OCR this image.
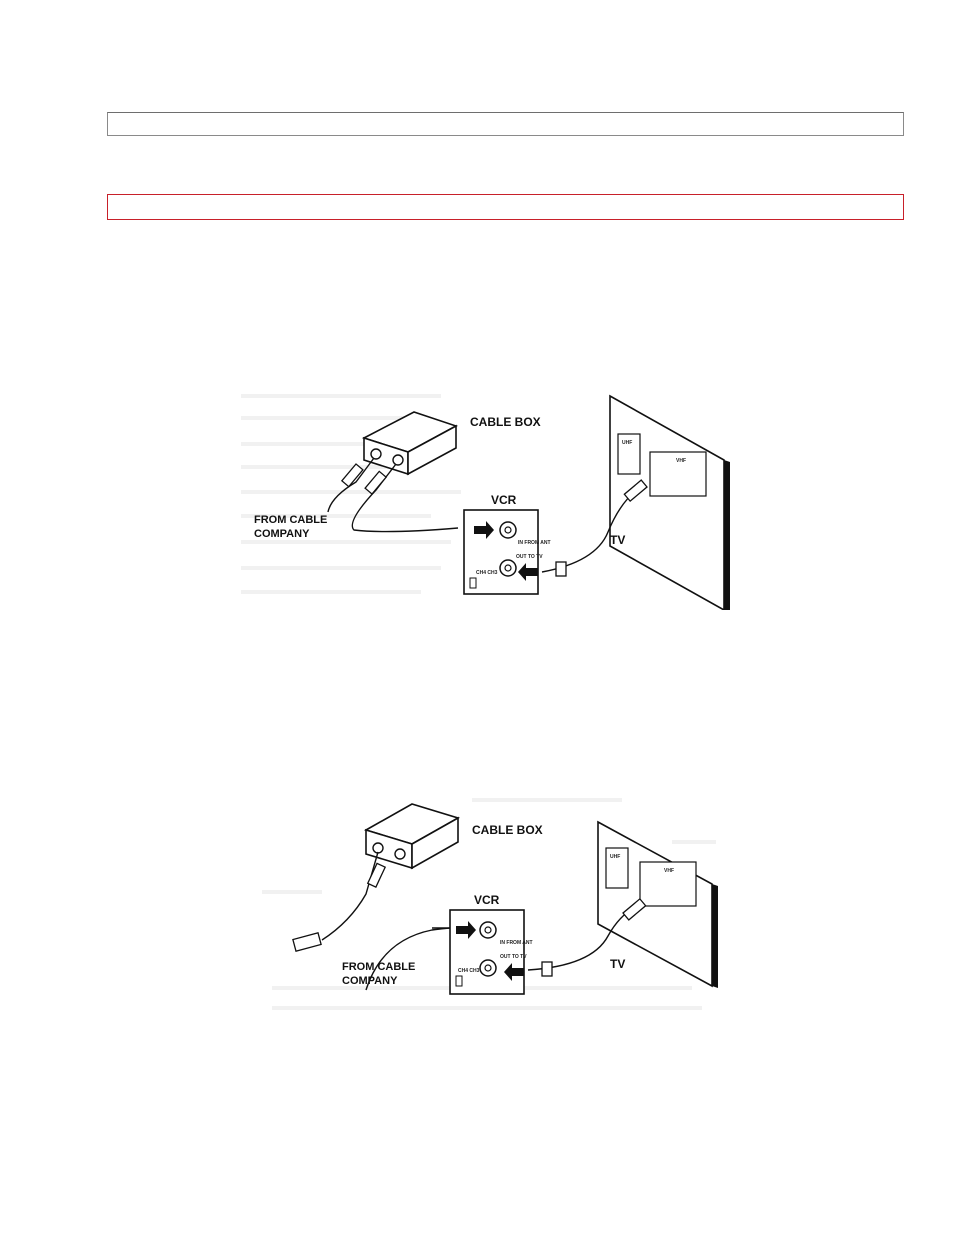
CABLE BOX
FROM CABLE
COMPANY
VCR
IN FROM ANT
OUT TO TV
CH4 CH3
UHF
VHF
TV
CABLE BOX
FROM CABLE
COMPANY
VCR
IN FROM ANT
OUT TO TV
CH4 CH3
UHF
VHF
TV
